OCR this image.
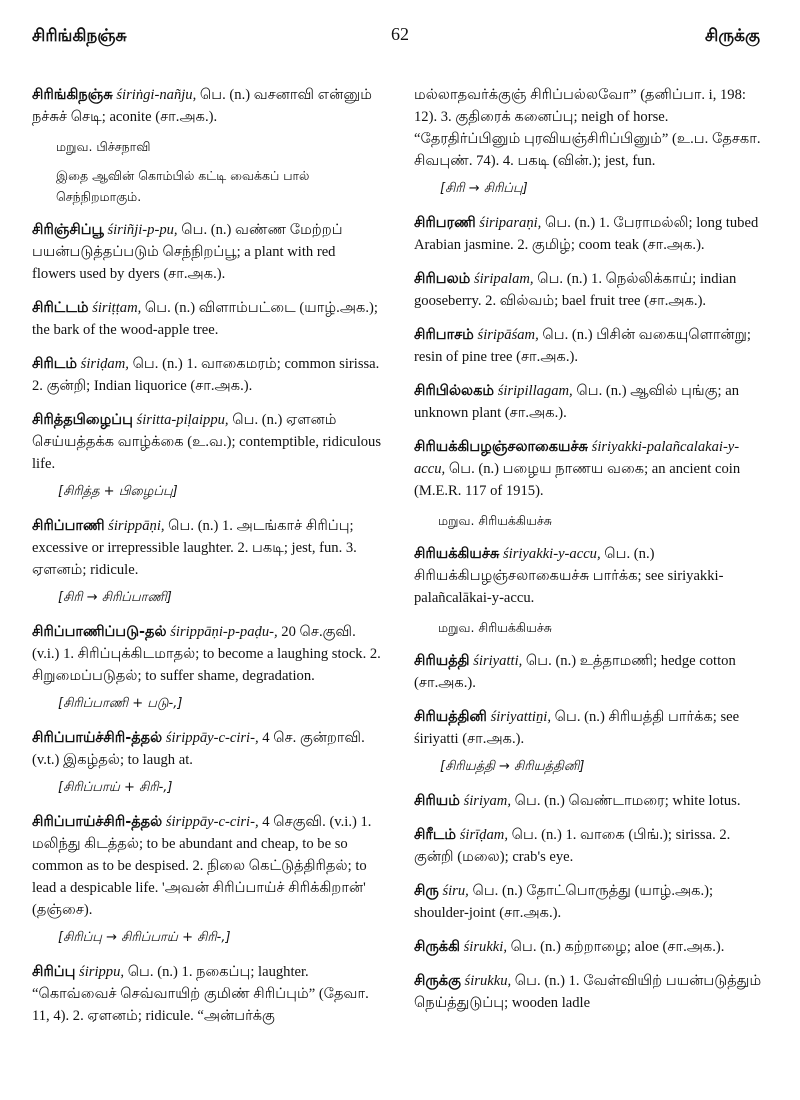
சிரிங்கிநஞ்சு	62	சிருக்கு
சிரிங்கிநஞ்சு śiriṅgi-nañju, பெ. (n.) வசனாவி என்னும் நச்சுச் செடி; aconite (சா.அக.).
மறுவ. பிச்சநாவி
இதை ஆவின் கொம்பில் கட்டி வைக்கப் பால் செந்நிறமாகும்.
சிரிஞ்சிப்பூ śiriñji-p-pu, பெ. (n.) வண்ண மேற்றப் பயன்படுத்தப்படும் செந்நிறப்பூ; a plant with red flowers used by dyers (சா.அக.).
சிரிட்டம் śiriṭṭam, பெ. (n.) விளாம்பட்டை (யாழ்.அக.); the bark of the wood-apple tree.
சிரிடம் śiriḍam, பெ. (n.) 1. வாகைமரம்; common sirissa. 2. குன்றி; Indian liquorice (சா.அக.).
சிரித்தபிழைப்பு śiritta-piḷaippu, பெ. (n.) ஏளனம் செய்யத்தக்க வாழ்க்கை (உ.வ.); contemptible, ridiculous life.
[சிரித்த + பிழைப்பு]
சிரிப்பாணி śirippāṇi, பெ. (n.) 1. அடங்காச் சிரிப்பு; excessive or irrepressible laughter. 2. பகடி; jest, fun. 3. ஏளனம்; ridicule.
[சிரி → சிரிப்பாணி]
சிரிப்பாணிப்படு-தல் śirippāṇi-p-paḍu-, 20 செ.குவி. (v.i.) 1. சிரிப்புக்கிடமாதல்; to become a laughing stock. 2. சிறுமைப்படுதல்; to suffer shame, degradation.
[சிரிப்பாணி + படு-,]
சிரிப்பாய்ச்சிரி-த்தல் śirippāy-c-ciri-, 4 செ. குன்றாவி. (v.t.) இகழ்தல்; to laugh at.
[சிரிப்பாய் + சிரி-,]
சிரிப்பாய்ச்சிரி-த்தல் śirippāy-c-ciri-, 4 செகுவி. (v.i.) 1. மலிந்து கிடத்தல்; to be abundant and cheap, to be so common as to be despised. 2. நிலை கெட்டுத்திரிதல்; to lead a despicable life. 'அவன் சிரிப்பாய்ச் சிரிக்கிறான்' (தஞ்சை).
[சிரிப்பு → சிரிப்பாய் + சிரி-,]
சிரிப்பு śirippu, பெ. (n.) 1. நகைப்பு; laughter. “கொவ்வைச் செவ்வாயிற் குமிண் சிரிப்பும்” (தேவா. 11, 4). 2. ஏளனம்; ridicule. “அன்பர்க்கு
மல்லாதவர்க்குஞ் சிரிப்பல்லவோ” (தனிப்பா. i, 198: 12). 3. குதிரைக் கனைப்பு; neigh of horse. “தேரதிர்ப்பினும் புரவியஞ்சிரிப்பினும்” (உ.ப. தேசகா. சிவபுண். 74). 4. பகடி (வின்.); jest, fun.
[சிரி → சிரிப்பு]
சிரிபரணி śiriparaṇi, பெ. (n.) 1. பேராமல்லி; long tubed Arabian jasmine. 2. குமிழ்; coom teak (சா.அக.).
சிரிபலம் śiripalam, பெ. (n.) 1. நெல்லிக்காய்; indian gooseberry. 2. வில்வம்; bael fruit tree (சா.அக.).
சிரிபாசம் śiripāśam, பெ. (n.) பிசின் வகையுளொன்று; resin of pine tree (சா.அக.).
சிரிபில்லகம் śiripillagam, பெ. (n.) ஆவில் புங்கு; an unknown plant (சா.அக.).
சிரியக்கிபழஞ்சலாகையச்சு śiriyakki-palañcalakai-y-accu, பெ. (n.) பழைய நாணய வகை; an ancient coin (M.E.R. 117 of 1915).
மறுவ. சிரியக்கியச்சு
சிரியக்கியச்சு śiriyakki-y-accu, பெ. (n.) சிரியக்கிபழஞ்சலாகையச்சு பார்க்க; see siriyakki-palañcalākai-y-accu.
மறுவ. சிரியக்கியச்சு
சிரியத்தி śiriyatti, பெ. (n.) உத்தாமணி; hedge cotton (சா.அக.).
சிரியத்தினி śiriyattiṉi, பெ. (n.) சிரியத்தி பார்க்க; see śiriyatti (சா.அக.).
[சிரியத்தி → சிரியத்தினி]
சிரியம் śiriyam, பெ. (n.) வெண்டாமரை; white lotus.
சிரீடம் śirīḍam, பெ. (n.) 1. வாகை (பிங்.); sirissa. 2. குன்றி (மலை); crab's eye.
சிரு śiru, பெ. (n.) தோட்பொருத்து (யாழ்.அக.); shoulder-joint (சா.அக.).
சிருக்கி śirukki, பெ. (n.) கற்றாழை; aloe (சா.அக.).
சிருக்கு śirukku, பெ. (n.) 1. வேள்வியிற் பயன்படுத்தும் நெய்த்துடுப்பு; wooden ladle
